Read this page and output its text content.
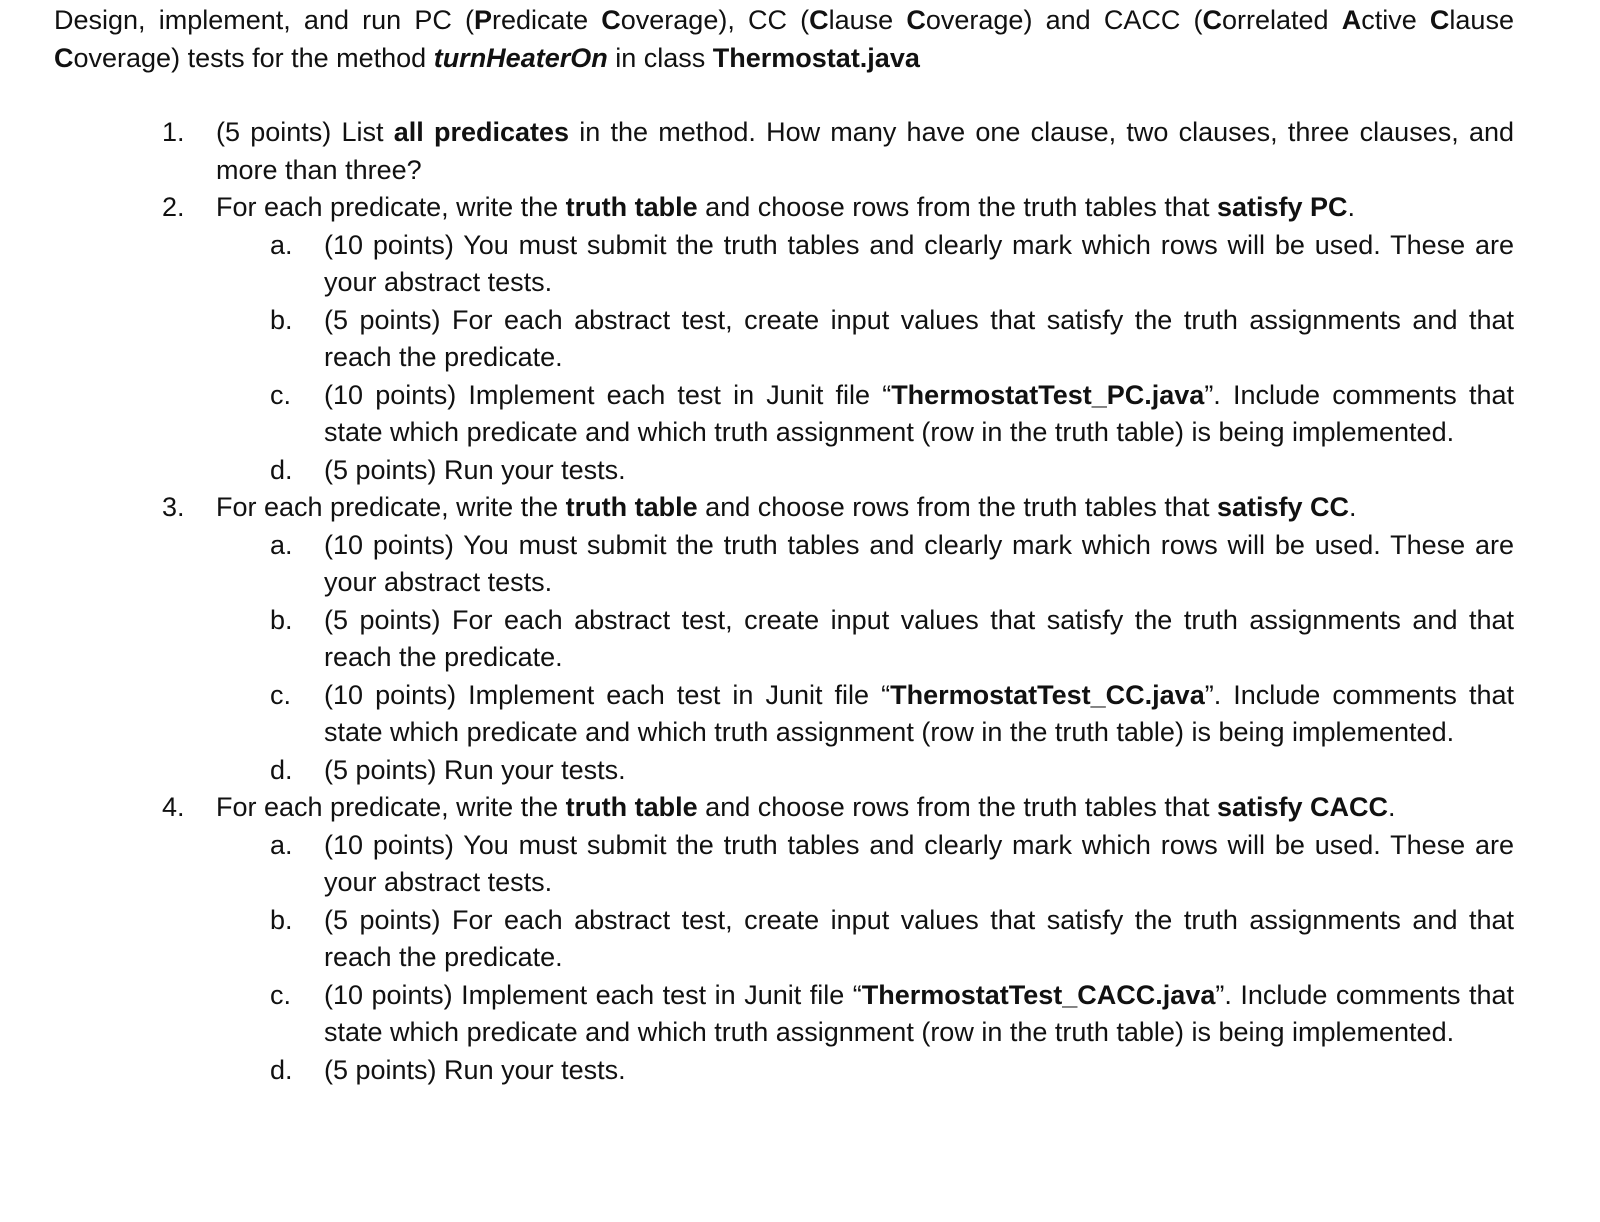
Design, implement, and run PC (Predicate Coverage), CC (Clause Coverage) and CACC (Correlated Active Clause
Coverage) tests for the method turnHeaterOn in class Thermostat.java
1.	(5 points) List all predicates in the method. How many have one clause, two clauses, three clauses, and more than three?
2.	For each predicate, write the truth table and choose rows from the truth tables that satisfy PC.
a.	(10 points) You must submit the truth tables and clearly mark which rows will be used. These are your abstract tests.
b.	(5 points) For each abstract test, create input values that satisfy the truth assignments and that reach the predicate.
c.	(10 points) Implement each test in Junit file “ThermostatTest_PC.java”. Include comments that state which predicate and which truth assignment (row in the truth table) is being implemented.
d.	(5 points) Run your tests.
3.	For each predicate, write the truth table and choose rows from the truth tables that satisfy CC.
a.	(10 points) You must submit the truth tables and clearly mark which rows will be used. These are your abstract tests.
b.	(5 points) For each abstract test, create input values that satisfy the truth assignments and that reach the predicate.
c.	(10 points) Implement each test in Junit file “ThermostatTest_CC.java”. Include comments that state which predicate and which truth assignment (row in the truth table) is being implemented.
d.	(5 points) Run your tests.
4.	For each predicate, write the truth table and choose rows from the truth tables that satisfy CACC.
a.	(10 points) You must submit the truth tables and clearly mark which rows will be used. These are your abstract tests.
b.	(5 points) For each abstract test, create input values that satisfy the truth assignments and that reach the predicate.
c.	(10 points) Implement each test in Junit file “ThermostatTest_CACC.java”. Include comments that state which predicate and which truth assignment (row in the truth table) is being implemented.
d.	(5 points) Run your tests.
